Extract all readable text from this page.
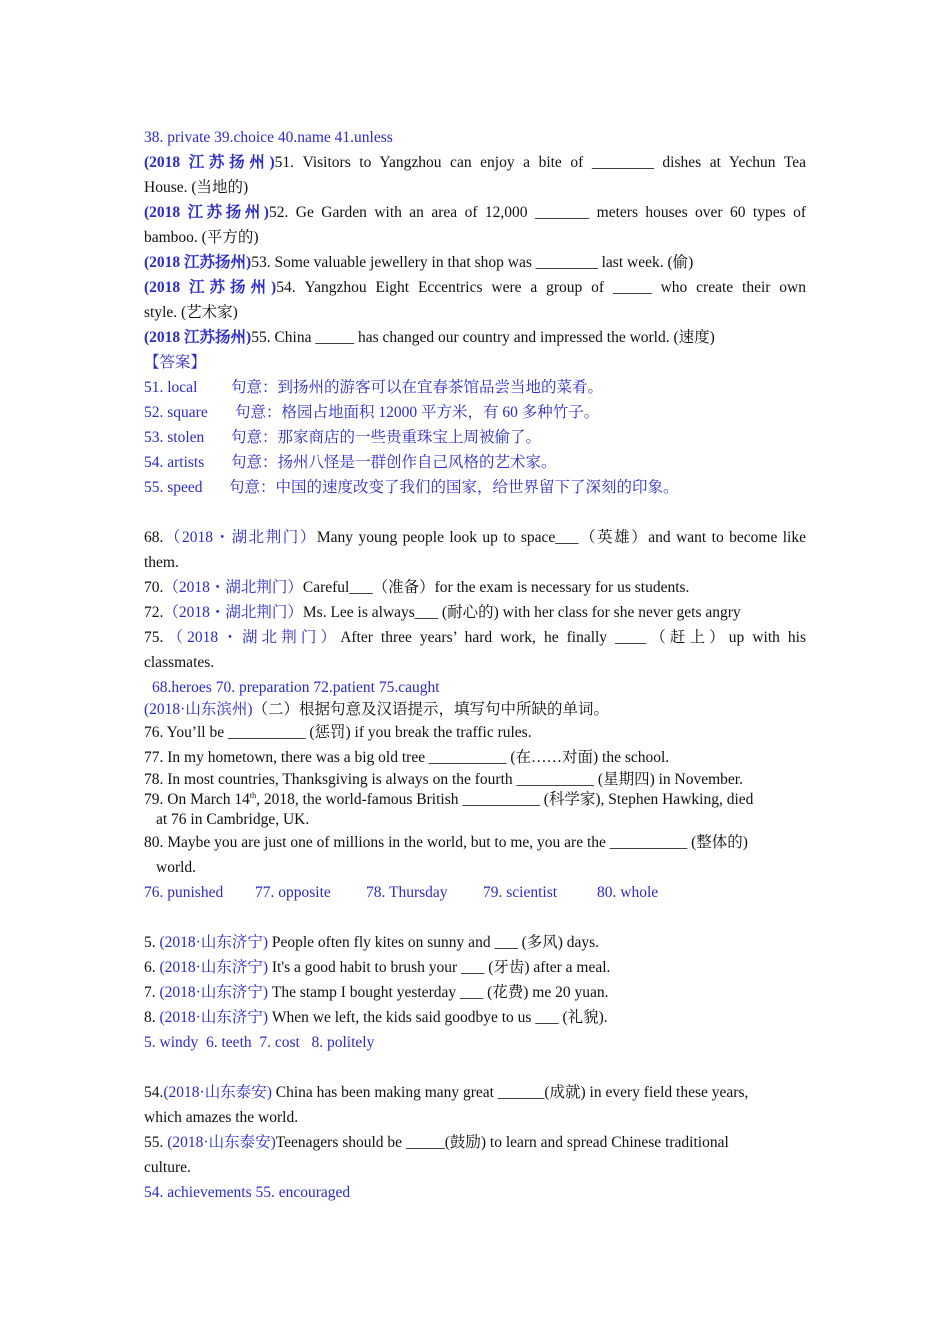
38. private 39.choice 40.name 41.unless
(2018 江苏扬州)51. Visitors to Yangzhou can enjoy a bite of ________ dishes at Yechun Tea
House. (当地的)
(2018 江苏扬州)52. Ge Garden with an area of 12,000 _______ meters houses over 60 types of
bamboo. (平方的)
(2018 江苏扬州)53. Some valuable jewellery in that shop was ________ last week. (偷)
(2018 江苏扬州)54. Yangzhou Eight Eccentrics were a group of _____ who create their own
style. (艺术家)
(2018 江苏扬州)55. China _____ has changed our country and impressed the world. (速度)
【答案】
51. local 句意：到扬州的游客可以在宜春茶馆品尝当地的菜肴。
52. square 句意：格园占地面积 12000 平方米，有 60 多种竹子。
53. stolen 句意：那家商店的一些贵重珠宝上周被偷了。
54. artists 句意：扬州八怪是一群创作自己风格的艺术家。
55. speed 句意：中国的速度改变了我们的国家，给世界留下了深刻的印象。
68.（2018・湖北荆门）Many young people look up to space___（英雄）and want to become like
them.
70.（2018・湖北荆门）Careful___（准备）for the exam is necessary for us students.
72.（2018・湖北荆门）Ms. Lee is always___ (耐心的) with her class for she never gets angry
75.（2018・湖北荆门）After three years’ hard work, he finally ____（赶上）up with his
classmates.
68.heroes 70. preparation 72.patient 75.caught
(2018·山东滨州)（二）根据句意及汉语提示，填写句中所缺的单词。
76. You’ll be __________ (惩罚) if you break the traffic rules.
77. In my hometown, there was a big old tree __________ (在……对面) the school.
78. In most countries, Thanksgiving is always on the fourth __________ (星期四) in November.
79. On March 14th, 2018, the world-famous British __________ (科学家), Stephen Hawking, died
at 76 in Cambridge, UK.
80. Maybe you are just one of millions in the world, but to me, you are the __________ (整体的)
world.
76. punished 77. opposite 78. Thursday 79. scientist	80. whole
5. (2018·山东济宁) People often fly kites on sunny and ___ (多风) days.
6. (2018·山东济宁) It's a good habit to brush your ___ (牙齿) after a meal.
7. (2018·山东济宁) The stamp I bought yesterday ___ (花费) me 20 yuan.
8. (2018·山东济宁) When we left, the kids said goodbye to us ___ (礼貌).
5. windy  6. teeth  7. cost   8. politely
54.(2018·山东泰安) China has been making many great ______(成就) in every field these years,
which amazes the world.
55. (2018·山东泰安)Teenagers should be _____(鼓励) to learn and spread Chinese traditional
culture.
54. achievements 55. encouraged
